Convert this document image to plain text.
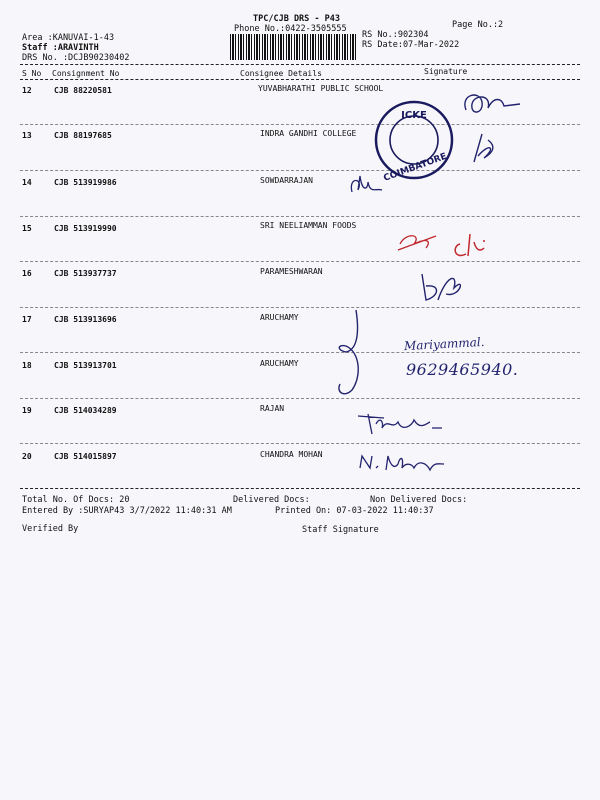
TPC/CJB DRS - P43
Phone No.:0422-3505555	Page No.:2
Area :KANUVAI-1-43
Staff :ARAVINTH
DRS No. :DCJB90230402
RS No.:902304
RS Date:07-Mar-2022
S No Consignment No	Consignee Details	Signature
12	CJB 88220581	YUVABHARATHI PUBLIC SCHOOL
13	CJB 88197685	INDRA GANDHI COLLEGE
14	CJB 513919986	SOWDARRAJAN
15	CJB 513919990	SRI NEELIAMMAN FOODS
16	CJB 513937737	PARAMESHWARAN
17	CJB 513913696	ARUCHAMY
18	CJB 513913701	ARUCHAMY
19	CJB 514034289	RAJAN
20	CJB 514015897	CHANDRA MOHAN
ICKE
COIMBATORE
Mariyammal.
9629465940.
Total No. Of Docs: 20	Delivered Docs:	Non Delivered Docs:
Entered By :SURYAP43 3/7/2022 11:40:31 AM	Printed On: 07-03-2022 11:40:37
Verified By	Staff Signature
